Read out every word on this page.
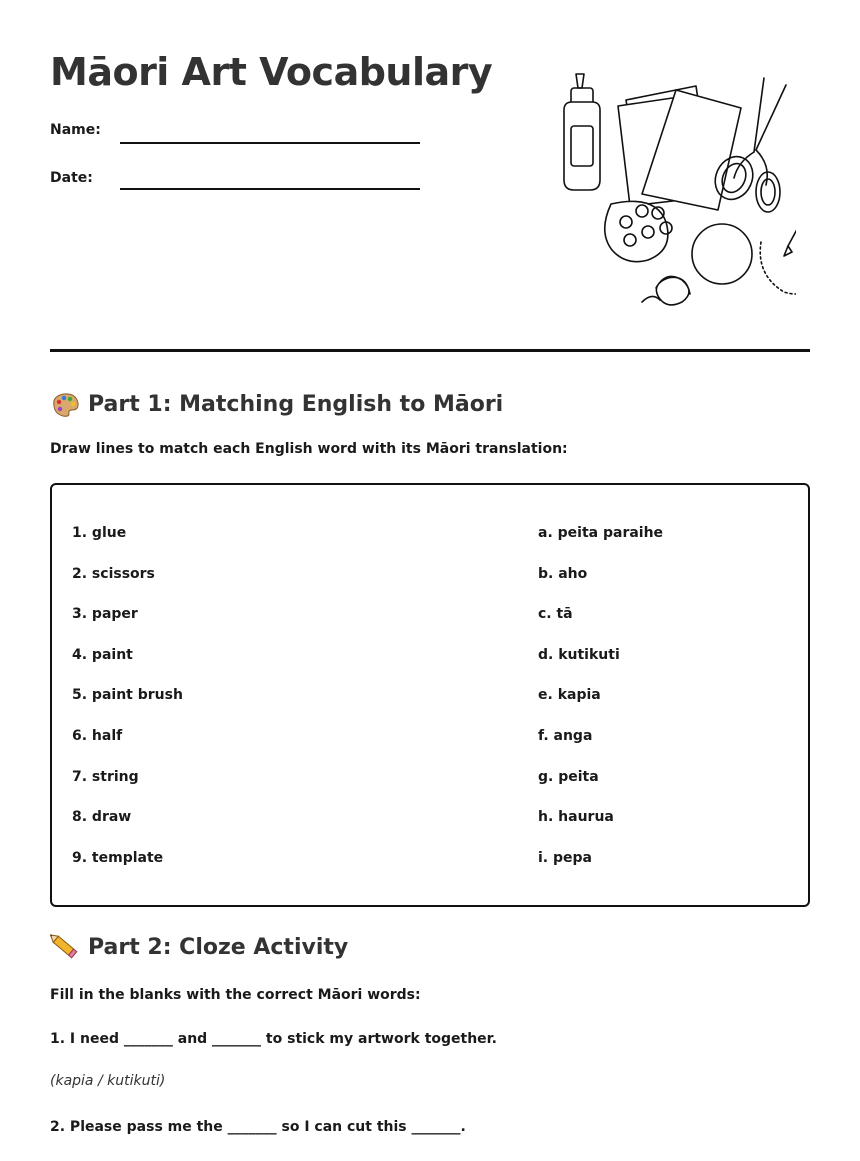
Māori Art Vocabulary
Name:
Date:
Part 1: Matching English to Māori
Draw lines to match each English word with its Māori translation:
1. glue	a. peita paraihe
2. scissors	b. aho
3. paper	c. tā
4. paint	d. kutikuti
5. paint brush	e. kapia
6. half	f. anga
7. string	g. peita
8. draw	h. haurua
9. template	i. pepa
Part 2: Cloze Activity
Fill in the blanks with the correct Māori words:
1. I need _______ and _______ to stick my artwork together.
(kapia / kutikuti)
2. Please pass me the _______ so I can cut this _______.
